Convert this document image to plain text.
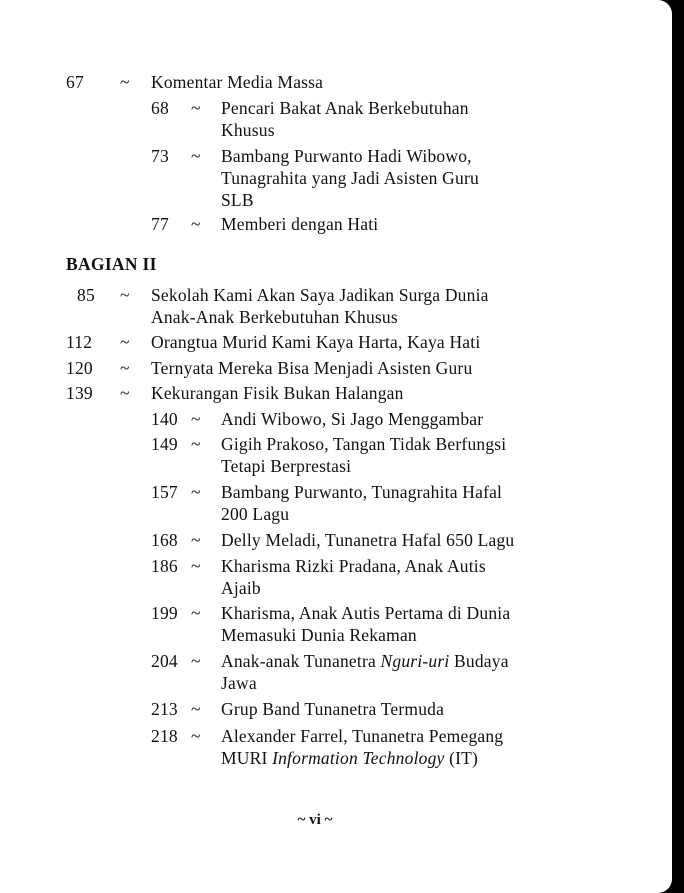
67 ~ Komentar Media Massa
68 ~ Pencari Bakat Anak Berkebutuhan
Khusus
73 ~ Bambang Purwanto Hadi Wibowo,
Tunagrahita yang Jadi Asisten Guru
SLB
77 ~ Memberi dengan Hati
BAGIAN II
85 ~ Sekolah Kami Akan Saya Jadikan Surga Dunia
Anak-Anak Berkebutuhan Khusus
112 ~ Orangtua Murid Kami Kaya Harta, Kaya Hati
120 ~ Ternyata Mereka Bisa Menjadi Asisten Guru
139 ~ Kekurangan Fisik Bukan Halangan
140 ~ Andi Wibowo, Si Jago Menggambar
149 ~ Gigih Prakoso, Tangan Tidak Berfungsi
Tetapi Berprestasi
157 ~ Bambang Purwanto, Tunagrahita Hafal
200 Lagu
168 ~ Delly Meladi, Tunanetra Hafal 650 Lagu
186 ~ Kharisma Rizki Pradana, Anak Autis
Ajaib
199 ~ Kharisma, Anak Autis Pertama di Dunia
Memasuki Dunia Rekaman
204 ~ Anak-anak Tunanetra Nguri-uri Budaya
Jawa
213 ~ Grup Band Tunanetra Termuda
218 ~ Alexander Farrel, Tunanetra Pemegang
MURI Information Technology (IT)
~ vi ~
